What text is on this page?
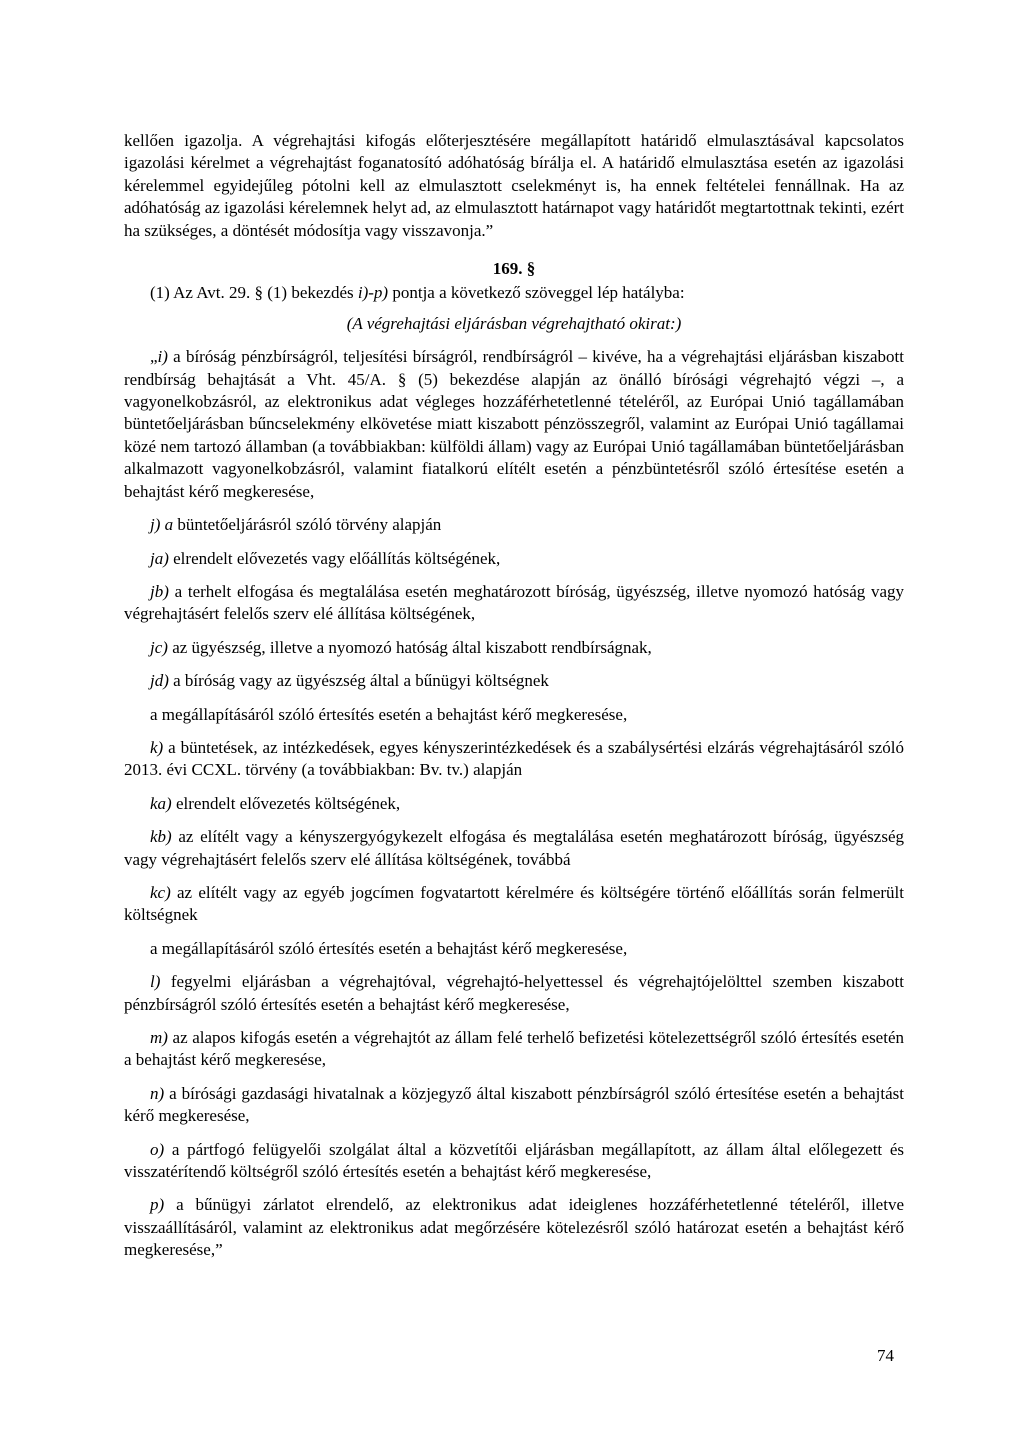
kellően igazolja. A végrehajtási kifogás előterjesztésére megállapított határidő elmulasztásával kapcsolatos igazolási kérelmet a végrehajtást foganatosító adóhatóság bírálja el. A határidő elmulasztása esetén az igazolási kérelemmel egyidejűleg pótolni kell az elmulasztott cselekményt is, ha ennek feltételei fennállnak. Ha az adóhatóság az igazolási kérelemnek helyt ad, az elmulasztott határnapot vagy határidőt megtartottnak tekinti, ezért ha szükséges, a döntését módosítja vagy visszavonja.”

169. §

(1) Az Avt. 29. § (1) bekezdés i)-p) pontja a következő szöveggel lép hatályba:

(A végrehajtási eljárásban végrehajtható okirat:)

„i) a bíróság pénzbírságról, teljesítési bírságról, rendbírságról – kivéve, ha a végrehajtási eljárásban kiszabott rendbírság behajtását a Vht. 45/A. § (5) bekezdése alapján az önálló bírósági végrehajtó végzi –, a vagyonelkobzásról, az elektronikus adat végleges hozzáférhetetlenné tételéről, az Európai Unió tagállamában büntetőeljárásban bűncselekmény elkövetése miatt kiszabott pénzösszegről, valamint az Európai Unió tagállamai közé nem tartozó államban (a továbbiakban: külföldi állam) vagy az Európai Unió tagállamában büntetőeljárásban alkalmazott vagyonelkobzásról, valamint fiatalkorú elítélt esetén a pénzbüntetésről szóló értesítése esetén a behajtást kérő megkeresése,

j) a büntetőeljárásról szóló törvény alapján

ja) elrendelt elővezetés vagy előállítás költségének,

jb) a terhelt elfogása és megtalálása esetén meghatározott bíróság, ügyészség, illetve nyomozó hatóság vagy végrehajtásért felelős szerv elé állítása költségének,

jc) az ügyészség, illetve a nyomozó hatóság által kiszabott rendbírságnak,

jd) a bíróság vagy az ügyészség által a bűnügyi költségnek

a megállapításáról szóló értesítés esetén a behajtást kérő megkeresése,

k) a büntetések, az intézkedések, egyes kényszerintézkedések és a szabálysértési elzárás végrehajtásáról szóló 2013. évi CCXL. törvény (a továbbiakban: Bv. tv.) alapján

ka) elrendelt elővezetés költségének,

kb) az elítélt vagy a kényszergyógykezelt elfogása és megtalálása esetén meghatározott bíróság, ügyészség vagy végrehajtásért felelős szerv elé állítása költségének, továbbá

kc) az elítélt vagy az egyéb jogcímen fogvatartott kérelmére és költségére történő előállítás során felmerült költségnek

a megállapításáról szóló értesítés esetén a behajtást kérő megkeresése,

l) fegyelmi eljárásban a végrehajtóval, végrehajtó-helyettessel és végrehajtójelölttel szemben kiszabott pénzbírságról szóló értesítés esetén a behajtást kérő megkeresése,

m) az alapos kifogás esetén a végrehajtót az állam felé terhelő befizetési kötelezettségről szóló értesítés esetén a behajtást kérő megkeresése,

n) a bírósági gazdasági hivatalnak a közjegyző által kiszabott pénzbírságról szóló értesítése esetén a behajtást kérő megkeresése,

o) a pártfogó felügyelői szolgálat által a közvetítői eljárásban megállapított, az állam által előlegezett és visszatérítendő költségről szóló értesítés esetén a behajtást kérő megkeresése,

p) a bűnügyi zárlatot elrendelő, az elektronikus adat ideiglenes hozzáférhetetlenné tételéről, illetve visszaállításáról, valamint az elektronikus adat megőrzésére kötelezésről szóló határozat esetén a behajtást kérő megkeresése,”

74
